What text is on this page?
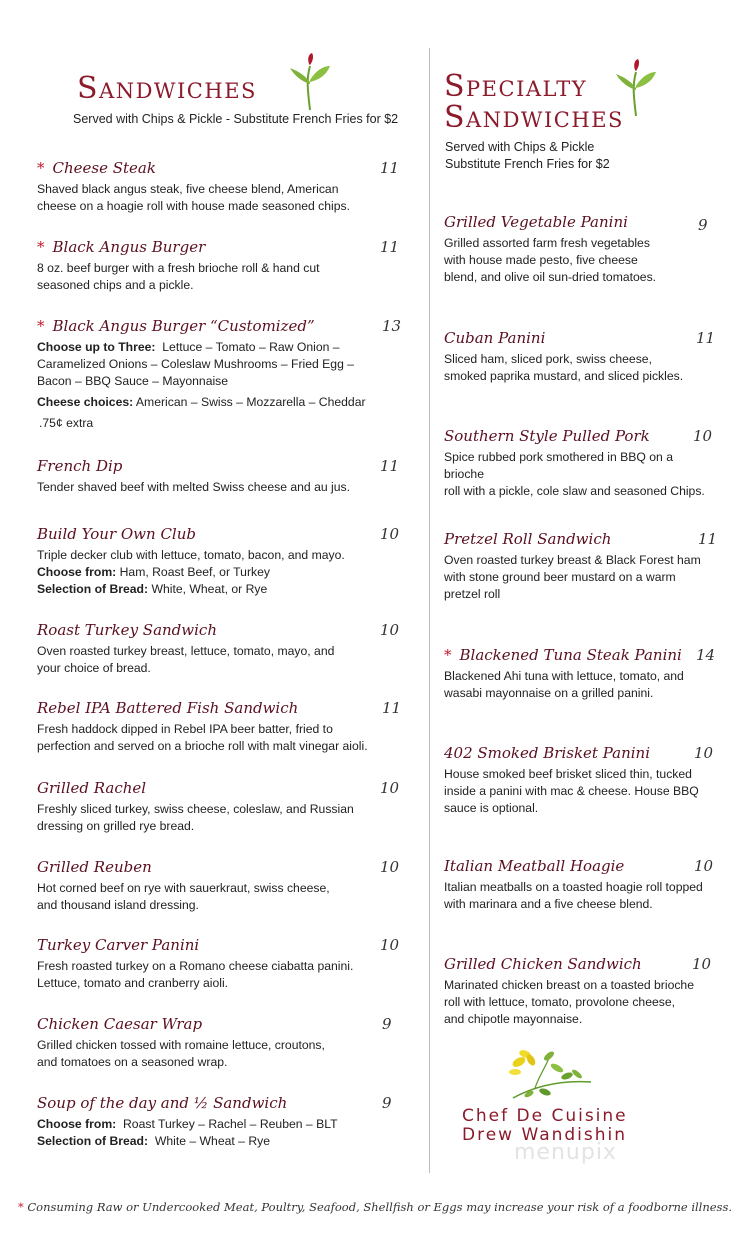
Sandwiches

Served with Chips & Pickle - Substitute French Fries for $2

* Cheese Steak	11
Shaved black angus steak, five cheese blend, American
cheese on a hoagie roll with house made seasoned chips.
* Black Angus Burger	11
8 oz. beef burger with a fresh brioche roll & hand cut
seasoned chips and a pickle.
* Black Angus Burger “Customized”	13
Choose up to Three: Lettuce – Tomato – Raw Onion –
Caramelized Onions – Coleslaw Mushrooms – Fried Egg –
Bacon – BBQ Sauce – Mayonnaise
Cheese choices: American – Swiss – Mozzarella – Cheddar
.75¢ extra
French Dip	11
Tender shaved beef with melted Swiss cheese and au jus.
Build Your Own Club	10
Triple decker club with lettuce, tomato, bacon, and mayo.
Choose from: Ham, Roast Beef, or Turkey
Selection of Bread: White, Wheat, or Rye
Roast Turkey Sandwich	10
Oven roasted turkey breast, lettuce, tomato, mayo, and
your choice of bread.
Rebel IPA Battered Fish Sandwich	11
Fresh haddock dipped in Rebel IPA beer batter, fried to
perfection and served on a brioche roll with malt vinegar aioli.
Grilled Rachel	10
Freshly sliced turkey, swiss cheese, coleslaw, and Russian
dressing on grilled rye bread.
Grilled Reuben	10
Hot corned beef on rye with sauerkraut, swiss cheese,
and thousand island dressing.
Turkey Carver Panini	10
Fresh roasted turkey on a Romano cheese ciabatta panini.
Lettuce, tomato and cranberry aioli.
Chicken Caesar Wrap	9
Grilled chicken tossed with romaine lettuce, croutons,
and tomatoes on a seasoned wrap.
Soup of the day and ½ Sandwich	9
Choose from: Roast Turkey – Rachel – Reuben – BLT
Selection of Bread: White – Wheat – Rye
Specialty
Sandwiches

Served with Chips & Pickle
Substitute French Fries for $2

Grilled Vegetable Panini	9
Grilled assorted farm fresh vegetables
with house made pesto, five cheese
blend, and olive oil sun-dried tomatoes.
Cuban Panini	11
Sliced ham, sliced pork, swiss cheese,
smoked paprika mustard, and sliced pickles.
Southern Style Pulled Pork	10
Spice rubbed pork smothered in BBQ on a brioche
roll with a pickle, cole slaw and seasoned Chips.
Pretzel Roll Sandwich	11
Oven roasted turkey breast & Black Forest ham
with stone ground beer mustard on a warm
pretzel roll
* Blackened Tuna Steak Panini 14
Blackened Ahi tuna with lettuce, tomato, and
wasabi mayonnaise on a grilled panini.
402 Smoked Brisket Panini	10
House smoked beef brisket sliced thin, tucked
inside a panini with mac & cheese. House BBQ
sauce is optional.
Italian Meatball Hoagie	10
Italian meatballs on a toasted hoagie roll topped
with marinara and a five cheese blend.
Grilled Chicken Sandwich	10
Marinated chicken breast on a toasted brioche
roll with lettuce, tomato, provolone cheese,
and chipotle mayonnaise.
Chef De Cuisine
Drew Wandishin
menupix
* Consuming Raw or Undercooked Meat, Poultry, Seafood, Shellfish or Eggs may increase your risk of a foodborne illness.
